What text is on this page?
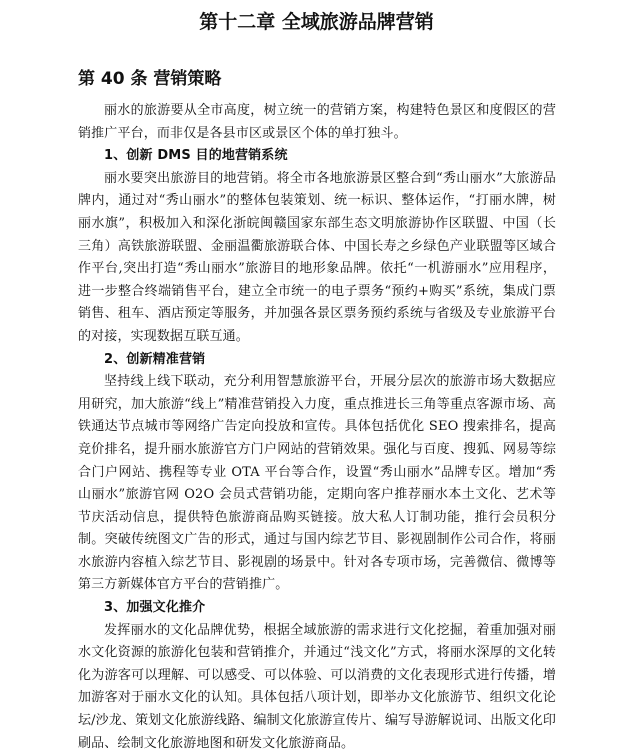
第十二章 全域旅游品牌营销
第 40 条 营销策略

丽水的旅游要从全市高度，树立统一的营销方案，构建特色景区和度假区的营销推广平台，而非仅是各县市区或景区个体的单打独斗。

1、创新 DMS 目的地营销系统

丽水要突出旅游目的地营销。将全市各地旅游景区整合到“秀山丽水”大旅游品牌内，通过对“秀山丽水”的整体包装策划、统一标识、整体运作，“打丽水牌，树丽水旗”，积极加入和深化浙皖闽赣国家东部生态文明旅游协作区联盟、中国（长三角）高铁旅游联盟、金丽温衢旅游联合体、中国长寿之乡绿色产业联盟等区域合作平台,突出打造“秀山丽水”旅游目的地形象品牌。依托“一机游丽水”应用程序，进一步整合终端销售平台，建立全市统一的电子票务“预约+购买”系统，集成门票销售、租车、酒店预定等服务，并加强各景区票务预约系统与省级及专业旅游平台的对接，实现数据互联互通。

2、创新精准营销

坚持线上线下联动，充分利用智慧旅游平台，开展分层次的旅游市场大数据应用研究，加大旅游“线上”精准营销投入力度，重点推进长三角等重点客源市场、高铁通达节点城市等网络广告定向投放和宣传。具体包括优化 SEO 搜索排名，提高竞价排名，提升丽水旅游官方门户网站的营销效果。强化与百度、搜狐、网易等综合门户网站、携程等专业 OTA 平台等合作，设置“秀山丽水”品牌专区。增加“秀山丽水”旅游官网 O2O 会员式营销功能，定期向客户推荐丽水本土文化、艺术等节庆活动信息，提供特色旅游商品购买链接。放大私人订制功能，推行会员积分制。突破传统图文广告的形式，通过与国内综艺节目、影视剧制作公司合作，将丽水旅游内容植入综艺节目、影视剧的场景中。针对各专项市场，完善微信、微博等第三方新媒体官方平台的营销推广。

3、加强文化推介

发挥丽水的文化品牌优势，根据全域旅游的需求进行文化挖掘，着重加强对丽水文化资源的旅游化包装和营销推介，并通过“浅文化”方式，将丽水深厚的文化转化为游客可以理解、可以感受、可以体验、可以消费的文化表现形式进行传播，增加游客对于丽水文化的认知。具体包括八项计划，即举办文化旅游节、组织文化论坛/沙龙、策划文化旅游线路、编制文化旅游宣传片、编写导游解说词、出版文化印刷品、绘制文化旅游地图和研发文化旅游商品。
